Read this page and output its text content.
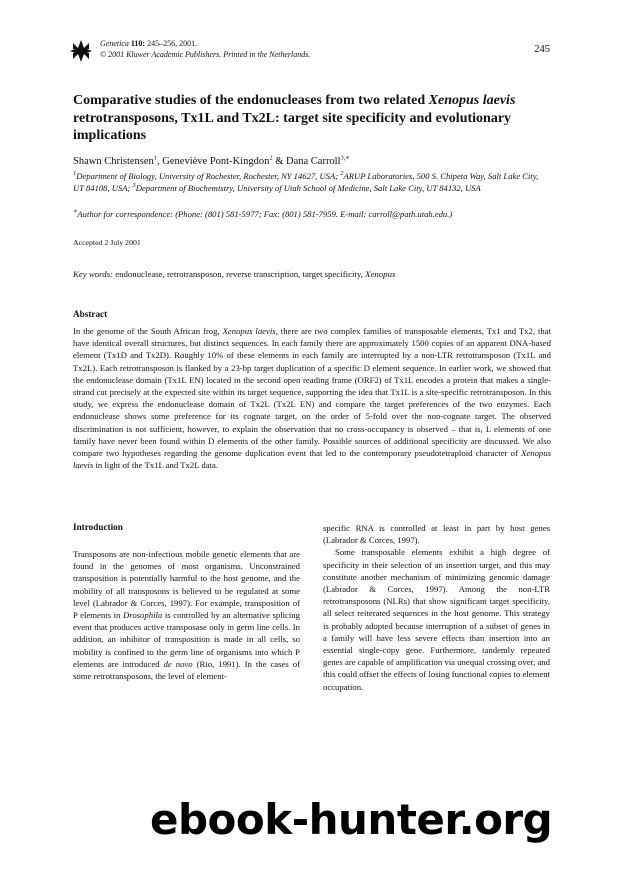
Genetica 110: 245–256, 2001.
© 2001 Kluwer Academic Publishers. Printed in the Netherlands.	245
Comparative studies of the endonucleases from two related Xenopus laevis retrotransposons, Tx1L and Tx2L: target site specificity and evolutionary implications
Shawn Christensen$^1$, Geneviève Pont-Kingdon$^2$ & Dana Carroll$^{3,∗}$
$^1$Department of Biology, University of Rochester, Rochester, NY 14627, USA; $^2$ARUP Laboratories, 500 S. Chipeta Way, Salt Lake City, UT 84108, USA; $^3$Department of Biochemistry, University of Utah School of Medicine, Salt Lake City, UT 84132, USA
∗Author for correspondence: (Phone: (801) 581-5977; Fax: (801) 581-7959. E-mail: carroll@path.utah.edu.)
Accepted 2 July 2001
Key words: endonuclease, retrotransposon, reverse transcription, target specificity, Xenopus
Abstract

In the genome of the South African frog, Xenopus laevis, there are two complex families of transposable elements, Tx1 and Tx2, that have identical overall structures, but distinct sequences. In each family there are approximately 1500 copies of an apparent DNA-based element (Tx1D and Tx2D). Roughly 10% of these elements in each family are interrupted by a non-LTR retrotransposon (Tx1L and Tx2L). Each retrotransposon is flanked by a 23-bp target duplication of a specific D element sequence. In earlier work, we showed that the endonuclease domain (Tx1L EN) located in the second open reading frame (ORF2) of Tx1L encodes a protein that makes a single-strand cut precisely at the expected site within its target sequence, supporting the idea that Tx1L is a site-specific retrotransposon. In this study, we express the endonuclease domain of Tx2L (Tx2L EN) and compare the target preferences of the two enzymes. Each endonuclease shows some preference for its cognate target, on the order of 5-fold over the non-cognate target. The observed discrimination is not sufficient, however, to explain the observation that no cross-occupancy is observed – that is, L elements of one family have never been found within D elements of the other family. Possible sources of additional specificity are discussed. We also compare two hypotheses regarding the genome duplication event that led to the contemporary pseudotetraploid character of Xenopus laevis in light of the Tx1L and Tx2L data.

Introduction

Transposons are non-infectious mobile genetic elements that are found in the genomes of most organisms. Unconstrained transposition is potentially harmful to the host genome, and the mobility of all transposons is believed to be regulated at some level (Labrador & Corces, 1997). For example, transposition of P elements in Drosophila is controlled by an alternative splicing event that produces active transposase only in germ line cells. In addition, an inhibitor of transposition is made in all cells, so mobility is confined to the germ line of organisms into which P elements are introduced de novo (Rio, 1991). In the cases of some retrotransposons, the level of element-

specific RNA is controlled at least in part by host genes (Labrador & Corces, 1997).

Some transposable elements exhibit a high degree of specificity in their selection of an insertion target, and this may constitute another mechanism of minimizing genomic damage (Labrador & Corces, 1997). Among the non-LTR retrotransposons (NLRs) that show significant target specificity, all select reiterated sequences in the host genome. This strategy is probably adopted because interruption of a subset of genes in a family will have less severe effects than insertion into an essential single-copy gene. Furthermore, tandemly repeated genes are capable of amplification via unequal crossing over, and this could offset the effects of losing functional copies to element occupation.

ebook-hunter.org
